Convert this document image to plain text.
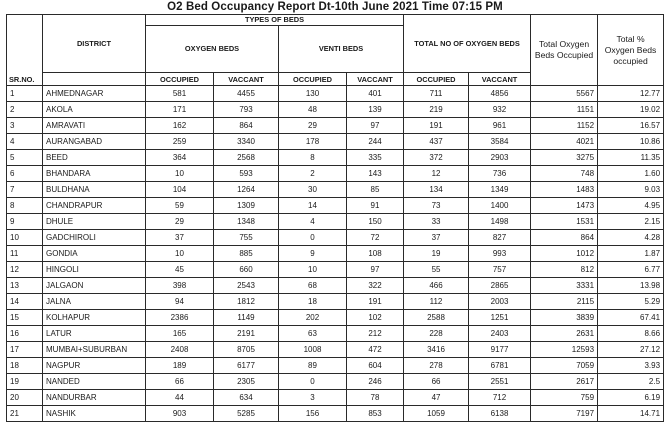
O2 Bed Occupancy Report Dt-10th June 2021 Time 07:15 PM
SR.NO.	DISTRICT	TYPES OF BEDS				TOTAL NO OF OXYGEN BEDS		Total Oxygen Beds Occupied	Total % Oxygen Beds occupied
		OXYGEN BEDS		VENTI BEDS					
		OCCUPIED	VACCANT	OCCUPIED	VACCANT	OCCUPIED	VACCANT		
1	AHMEDNAGAR	581	4455	130	401	711	4856	5567	12.77
2	AKOLA	171	793	48	139	219	932	1151	19.02
3	AMRAVATI	162	864	29	97	191	961	1152	16.57
4	AURANGABAD	259	3340	178	244	437	3584	4021	10.86
5	BEED	364	2568	8	335	372	2903	3275	11.35
6	BHANDARA	10	593	2	143	12	736	748	1.60
7	BULDHANA	104	1264	30	85	134	1349	1483	9.03
8	CHANDRAPUR	59	1309	14	91	73	1400	1473	4.95
9	DHULE	29	1348	4	150	33	1498	1531	2.15
10	GADCHIROLI	37	755	0	72	37	827	864	4.28
11	GONDIA	10	885	9	108	19	993	1012	1.87
12	HINGOLI	45	660	10	97	55	757	812	6.77
13	JALGAON	398	2543	68	322	466	2865	3331	13.98
14	JALNA	94	1812	18	191	112	2003	2115	5.29
15	KOLHAPUR	2386	1149	202	102	2588	1251	3839	67.41
16	LATUR	165	2191	63	212	228	2403	2631	8.66
17	MUMBAI+SUBURBAN	2408	8705	1008	472	3416	9177	12593	27.12
18	NAGPUR	189	6177	89	604	278	6781	7059	3.93
19	NANDED	66	2305	0	246	66	2551	2617	2.5
20	NANDURBAR	44	634	3	78	47	712	759	6.19
21	NASHIK	903	5285	156	853	1059	6138	7197	14.71
